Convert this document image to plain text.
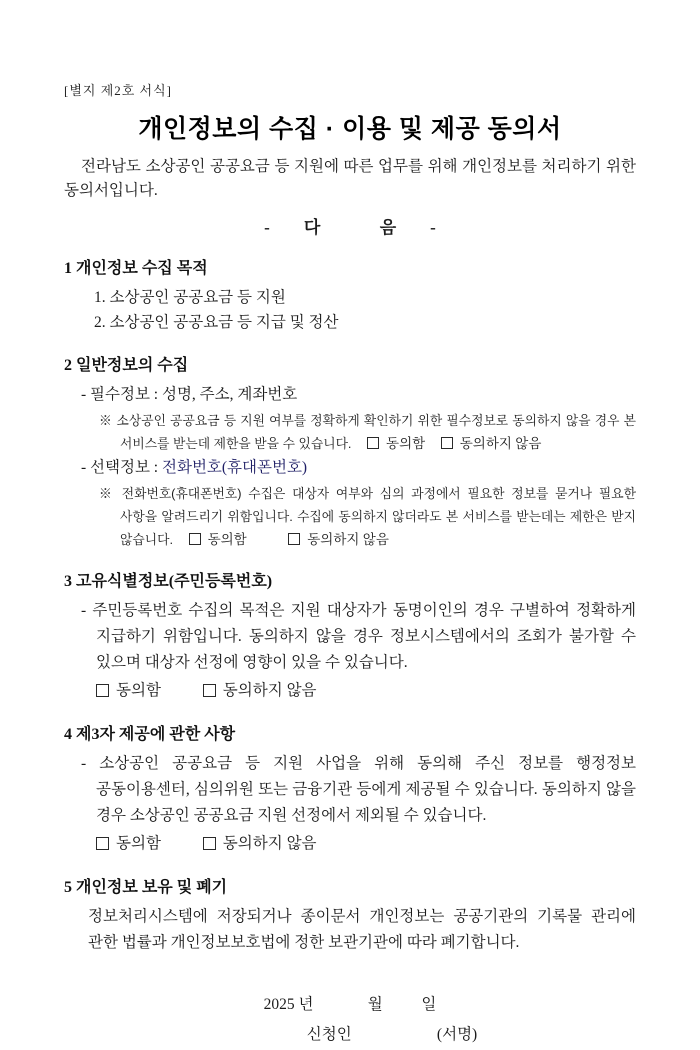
[별지 제2호 서식]
개인정보의 수집 · 이용 및 제공 동의서

전라남도 소상공인 공공요금 등 지원에 따른 업무를 위해 개인정보를 처리하기 위한 동의서입니다.

-        다              음        -
1 개인정보 수집 목적
1. 소상공인 공공요금 등 지원
2. 소상공인 공공요금 등 지급 및 정산
2 일반정보의 수집
- 필수정보 : 성명, 주소, 계좌번호

※ 소상공인 공공요금 등 지원 여부를 정확하게 확인하기 위한 필수정보로 동의하지 않을 경우 본 서비스를 받는데 제한을 받을 수 있습니다.	동의함	동의하지 않음

- 선택정보 : 전화번호(휴대폰번호)

※ 전화번호(휴대폰번호) 수집은 대상자 여부와 심의 과정에서 필요한 정보를 묻거나 필요한 사항을 알려드리기 위함입니다. 수집에 동의하지 않더라도 본 서비스를 받는데는 제한은 받지 않습니다.	동의함	동의하지 않음

3 고유식별정보(주민등록번호)

- 주민등록번호 수집의 목적은 지원 대상자가 동명이인의 경우 구별하여 정확하게 지급하기 위함입니다. 동의하지 않을 경우 정보시스템에서의 조회가 불가할 수 있으며 대상자 선정에 영향이 있을 수 있습니다.

동의함	동의하지 않음
4 제3자 제공에 관한 사항

- 소상공인 공공요금 등 지원 사업을 위해 동의해 주신 정보를 행정정보 공동이용센터, 심의위원 또는 금융기관 등에게 제공될 수 있습니다. 동의하지 않을 경우 소상공인 공공요금 지원 선정에서 제외될 수 있습니다.

동의함	동의하지 않음
5 개인정보 보유 및 폐기

정보처리시스템에 저장되거나 종이문서 개인정보는 공공기관의 기록물 관리에 관한 법률과 개인정보보호법에 정한 보관기관에 따라 폐기합니다.

2025 년              월          일
신청인                      (서명)
